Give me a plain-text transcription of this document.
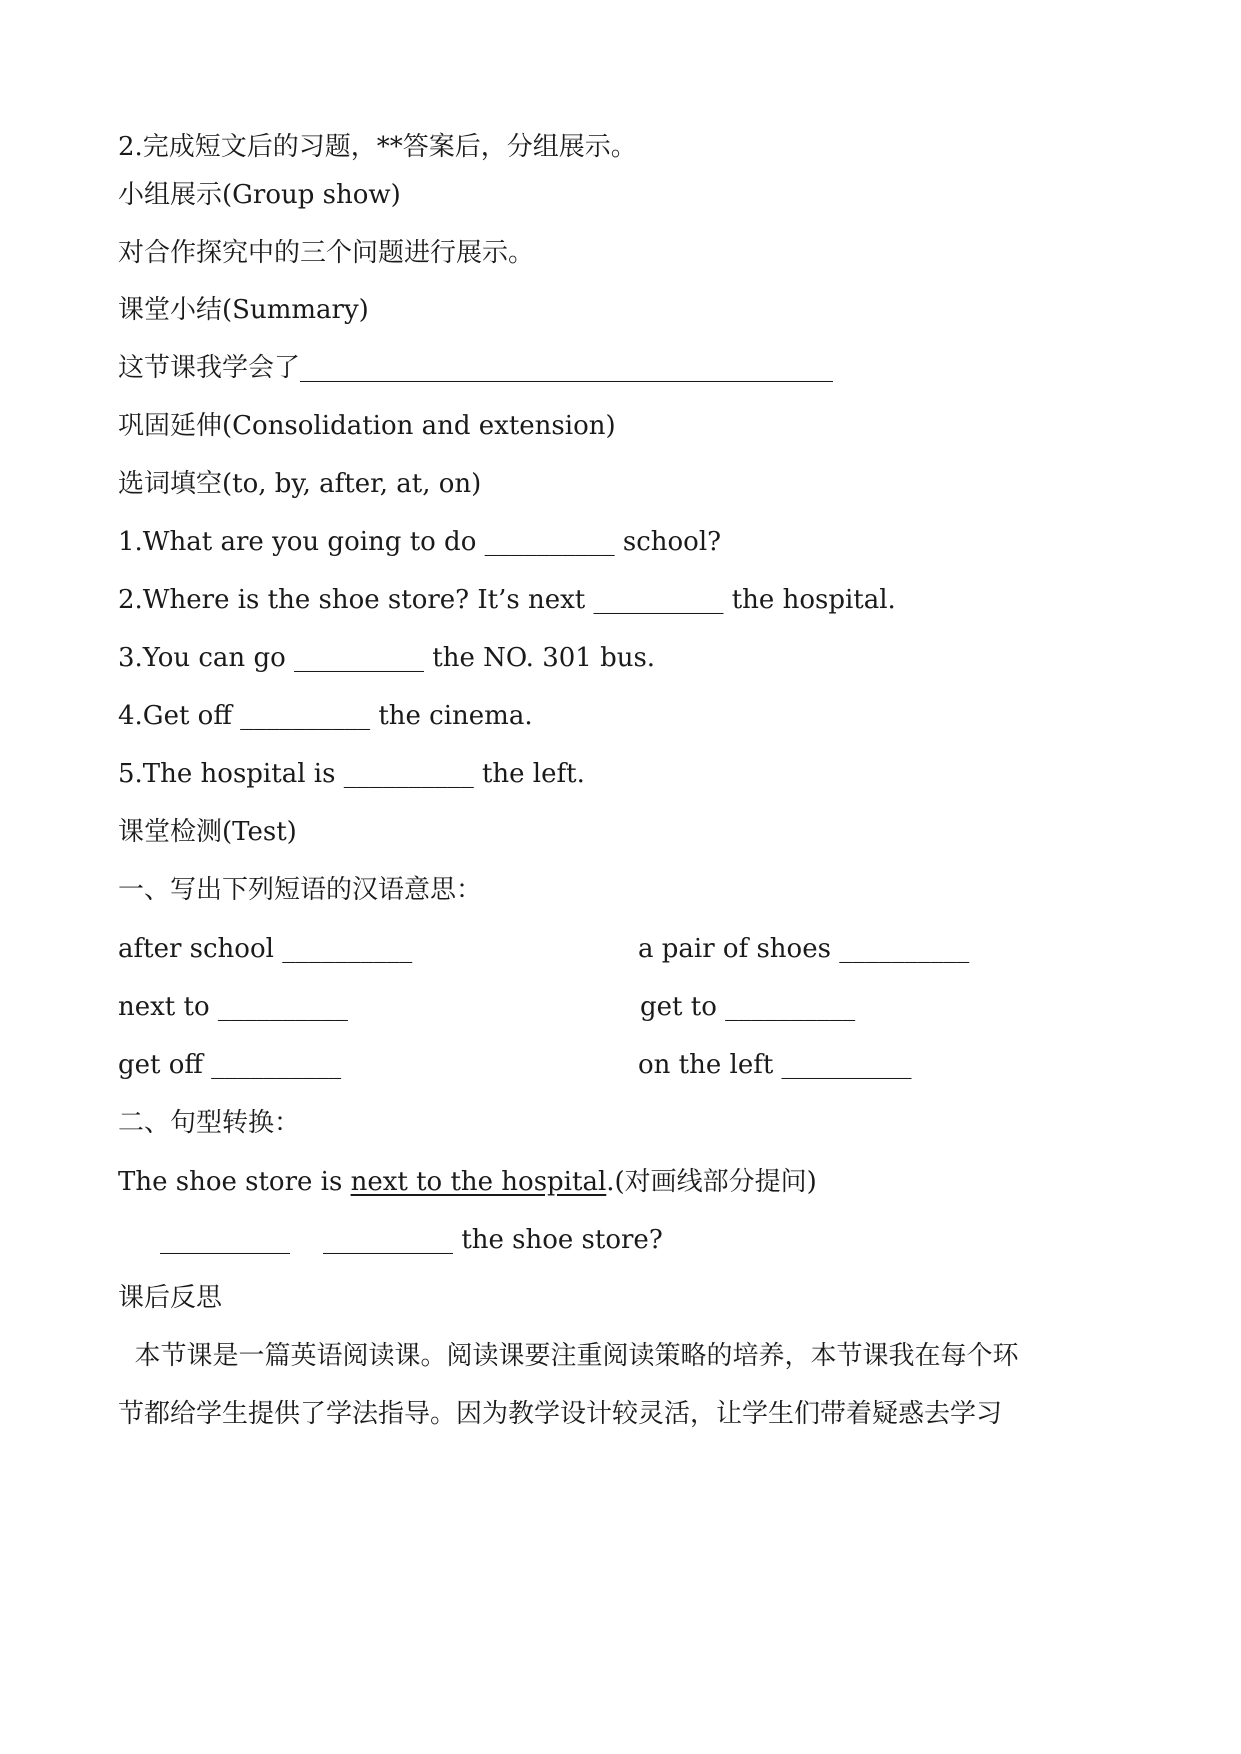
2.完成短文后的习题，**答案后，分组展示。
小组展示(Group show)
对合作探究中的三个问题进行展示。
课堂小结(Summary)
这节课我学会了_________________________________________
巩固延伸(Consolidation and extension)
选词填空(to, by, after, at, on)
1.What are you going to do __________ school?
2.Where is the shoe store? It’s next __________ the hospital.
3.You can go __________ the NO. 301 bus.
4.Get off __________ the cinema.
5.The hospital is __________ the left.
课堂检测(Test)
一、写出下列短语的汉语意思：
after school __________	a pair of shoes __________
next to __________	get to __________
get off __________	on the left __________
二、句型转换：
The shoe store is next to the hospital.(对画线部分提问)
__________    __________ the shoe store?
课后反思
本节课是一篇英语阅读课。阅读课要注重阅读策略的培养，本节课我在每个环
节都给学生提供了学法指导。因为教学设计较灵活，让学生们带着疑惑去学习
